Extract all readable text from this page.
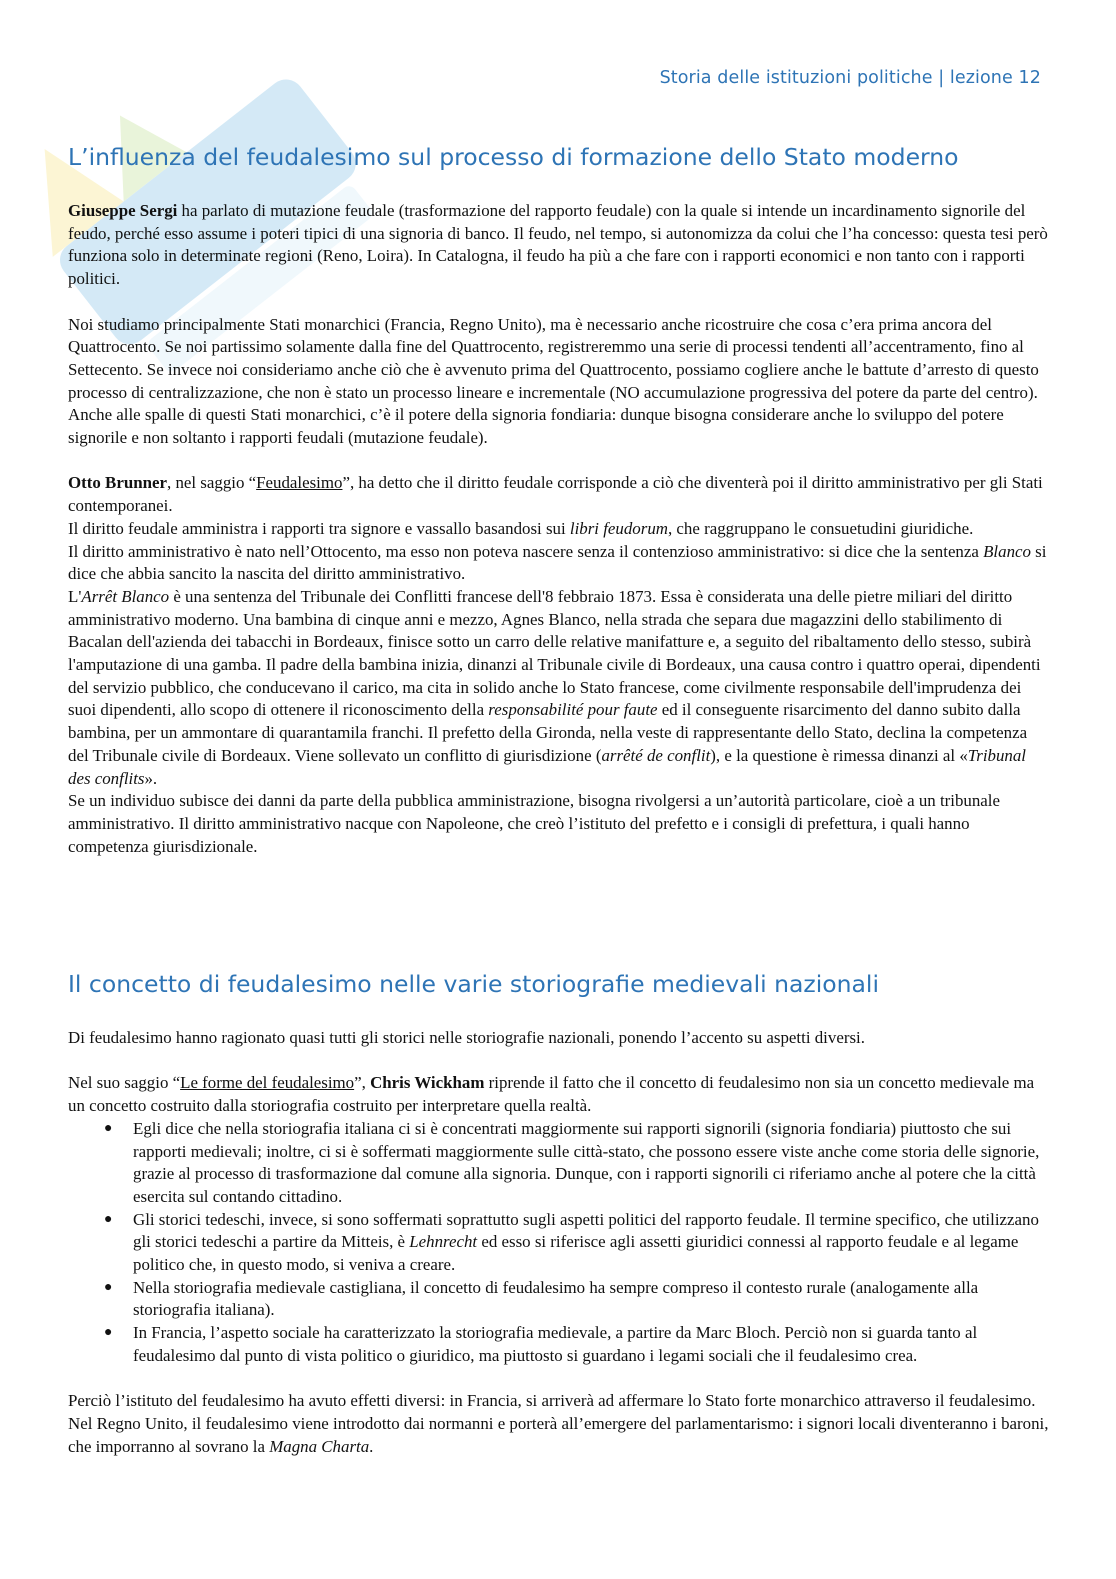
Storia delle istituzioni politiche | lezione 12
L’influenza del feudalesimo sul processo di formazione dello Stato moderno

Giuseppe Sergi ha parlato di mutazione feudale (trasformazione del rapporto feudale) con la quale si intende un incardinamento signorile del feudo, perché esso assume i poteri tipici di una signoria di banco. Il feudo, nel tempo, si autonomizza da colui che l’ha concesso: questa tesi però funziona solo in determinate regioni (Reno, Loira). In Catalogna, il feudo ha più a che fare con i rapporti economici e non tanto con i rapporti politici.

Noi studiamo principalmente Stati monarchici (Francia, Regno Unito), ma è necessario anche ricostruire che cosa c’era prima ancora del Quattrocento. Se noi partissimo solamente dalla fine del Quattrocento, registreremmo una serie di processi tendenti all’accentramento, fino al Settecento. Se invece noi consideriamo anche ciò che è avvenuto prima del Quattrocento, possiamo cogliere anche le battute d’arresto di questo processo di centralizzazione, che non è stato un processo lineare e incrementale (NO accumulazione progressiva del potere da parte del centro).

Anche alle spalle di questi Stati monarchici, c’è il potere della signoria fondiaria: dunque bisogna considerare anche lo sviluppo del potere signorile e non soltanto i rapporti feudali (mutazione feudale).

Otto Brunner, nel saggio “Feudalesimo”, ha detto che il diritto feudale corrisponde a ciò che diventerà poi il diritto amministrativo per gli Stati contemporanei.

Il diritto feudale amministra i rapporti tra signore e vassallo basandosi sui libri feudorum, che raggruppano le consuetudini giuridiche.

Il diritto amministrativo è nato nell’Ottocento, ma esso non poteva nascere senza il contenzioso amministrativo: si dice che la sentenza Blanco si dice che abbia sancito la nascita del diritto amministrativo.

L'Arrêt Blanco è una sentenza del Tribunale dei Conflitti francese dell'8 febbraio 1873. Essa è considerata una delle pietre miliari del diritto amministrativo moderno. Una bambina di cinque anni e mezzo, Agnes Blanco, nella strada che separa due magazzini dello stabilimento di Bacalan dell'azienda dei tabacchi in Bordeaux, finisce sotto un carro delle relative manifatture e, a seguito del ribaltamento dello stesso, subirà l'amputazione di una gamba. Il padre della bambina inizia, dinanzi al Tribunale civile di Bordeaux, una causa contro i quattro operai, dipendenti del servizio pubblico, che conducevano il carico, ma cita in solido anche lo Stato francese, come civilmente responsabile dell'imprudenza dei suoi dipendenti, allo scopo di ottenere il riconoscimento della responsabilité pour faute ed il conseguente risarcimento del danno subito dalla bambina, per un ammontare di quarantamila franchi. Il prefetto della Gironda, nella veste di rappresentante dello Stato, declina la competenza del Tribunale civile di Bordeaux. Viene sollevato un conflitto di giurisdizione (arrêté de conflit), e la questione è rimessa dinanzi al «Tribunal des conflits».

Se un individuo subisce dei danni da parte della pubblica amministrazione, bisogna rivolgersi a un’autorità particolare, cioè a un tribunale amministrativo. Il diritto amministrativo nacque con Napoleone, che creò l’istituto del prefetto e i consigli di prefettura, i quali hanno competenza giurisdizionale.

Il concetto di feudalesimo nelle varie storiografie medievali nazionali

Di feudalesimo hanno ragionato quasi tutti gli storici nelle storiografie nazionali, ponendo l’accento su aspetti diversi.

Nel suo saggio “Le forme del feudalesimo”, Chris Wickham riprende il fatto che il concetto di feudalesimo non sia un concetto medievale ma un concetto costruito dalla storiografia costruito per interpretare quella realtà.

● Egli dice che nella storiografia italiana ci si è concentrati maggiormente sui rapporti signorili (signoria fondiaria) piuttosto che sui rapporti medievali; inoltre, ci si è soffermati maggiormente sulle città-stato, che possono essere viste anche come storia delle signorie, grazie al processo di trasformazione dal comune alla signoria. Dunque, con i rapporti signorili ci riferiamo anche al potere che la città esercita sul contando cittadino.
● Gli storici tedeschi, invece, si sono soffermati soprattutto sugli aspetti politici del rapporto feudale. Il termine specifico, che utilizzano gli storici tedeschi a partire da Mitteis, è Lehnrecht ed esso si riferisce agli assetti giuridici connessi al rapporto feudale e al legame politico che, in questo modo, si veniva a creare.
● Nella storiografia medievale castigliana, il concetto di feudalesimo ha sempre compreso il contesto rurale (analogamente alla storiografia italiana).
● In Francia, l’aspetto sociale ha caratterizzato la storiografia medievale, a partire da Marc Bloch. Perciò non si guarda tanto al feudalesimo dal punto di vista politico o giuridico, ma piuttosto si guardano i legami sociali che il feudalesimo crea.

Perciò l’istituto del feudalesimo ha avuto effetti diversi: in Francia, si arriverà ad affermare lo Stato forte monarchico attraverso il feudalesimo. Nel Regno Unito, il feudalesimo viene introdotto dai normanni e porterà all’emergere del parlamentarismo: i signori locali diventeranno i baroni, che imporranno al sovrano la Magna Charta.
